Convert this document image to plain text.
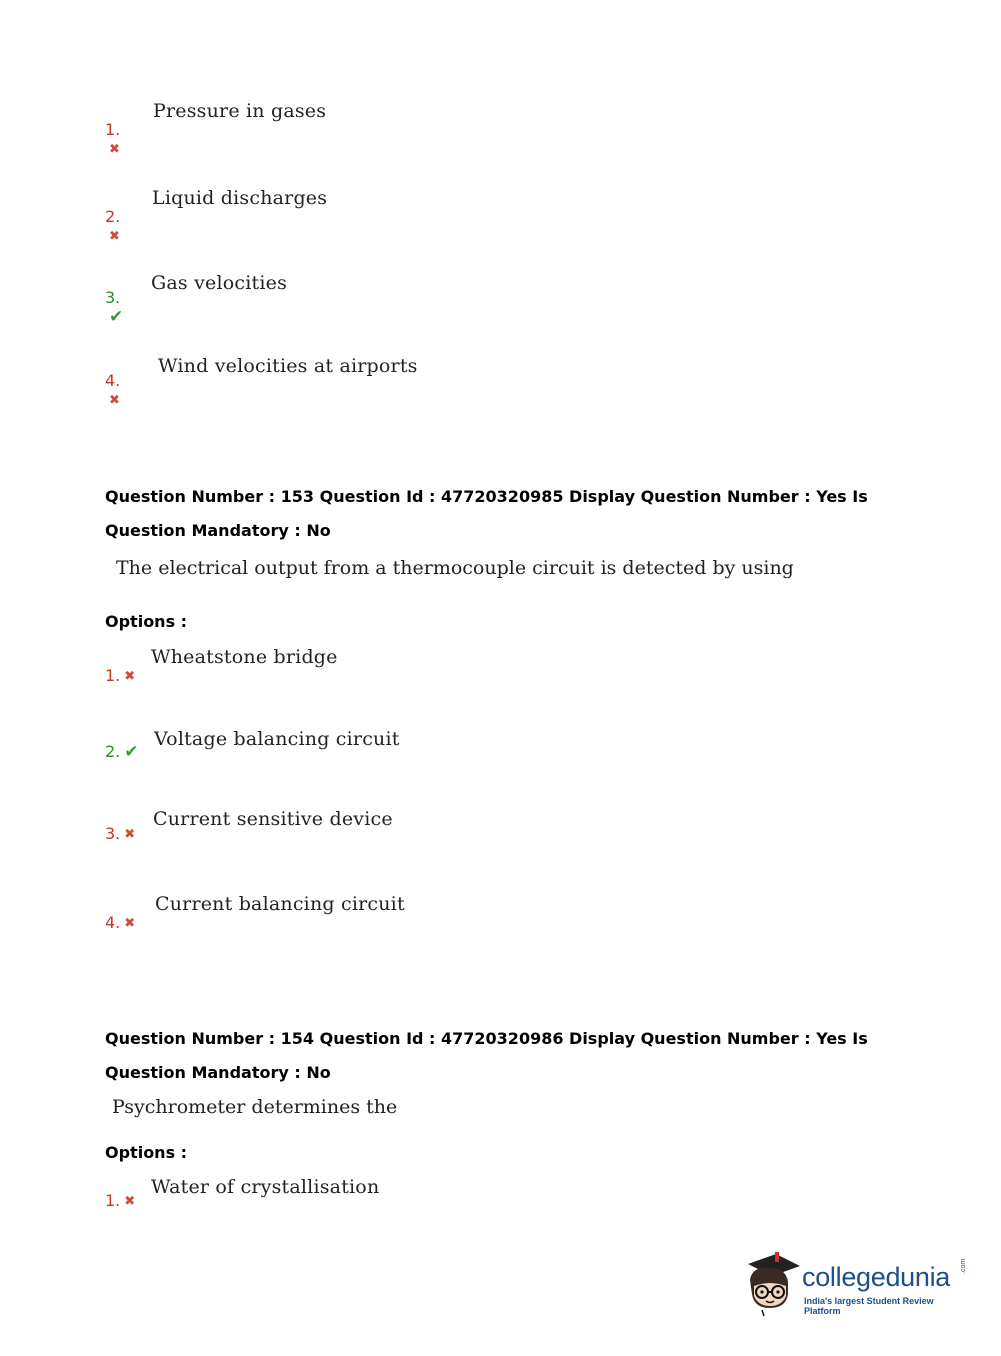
1.✖
Pressure in gases
2.✖
Liquid discharges
3.✔
Gas velocities
4.✖
Wind velocities at airports
Question Number : 153 Question Id : 47720320985 Display Question Number : Yes Is Question Mandatory : No
The electrical output from a thermocouple circuit is detected by using
Options :
1. ✖
Wheatstone bridge
2. ✔
Voltage balancing circuit
3. ✖
Current sensitive device
4. ✖
Current balancing circuit
Question Number : 154 Question Id : 47720320986 Display Question Number : Yes Is Question Mandatory : No
Psychrometer determines the
Options :
1. ✖
Water of crystallisation
collegedunia .com
India's largest Student Review Platform
